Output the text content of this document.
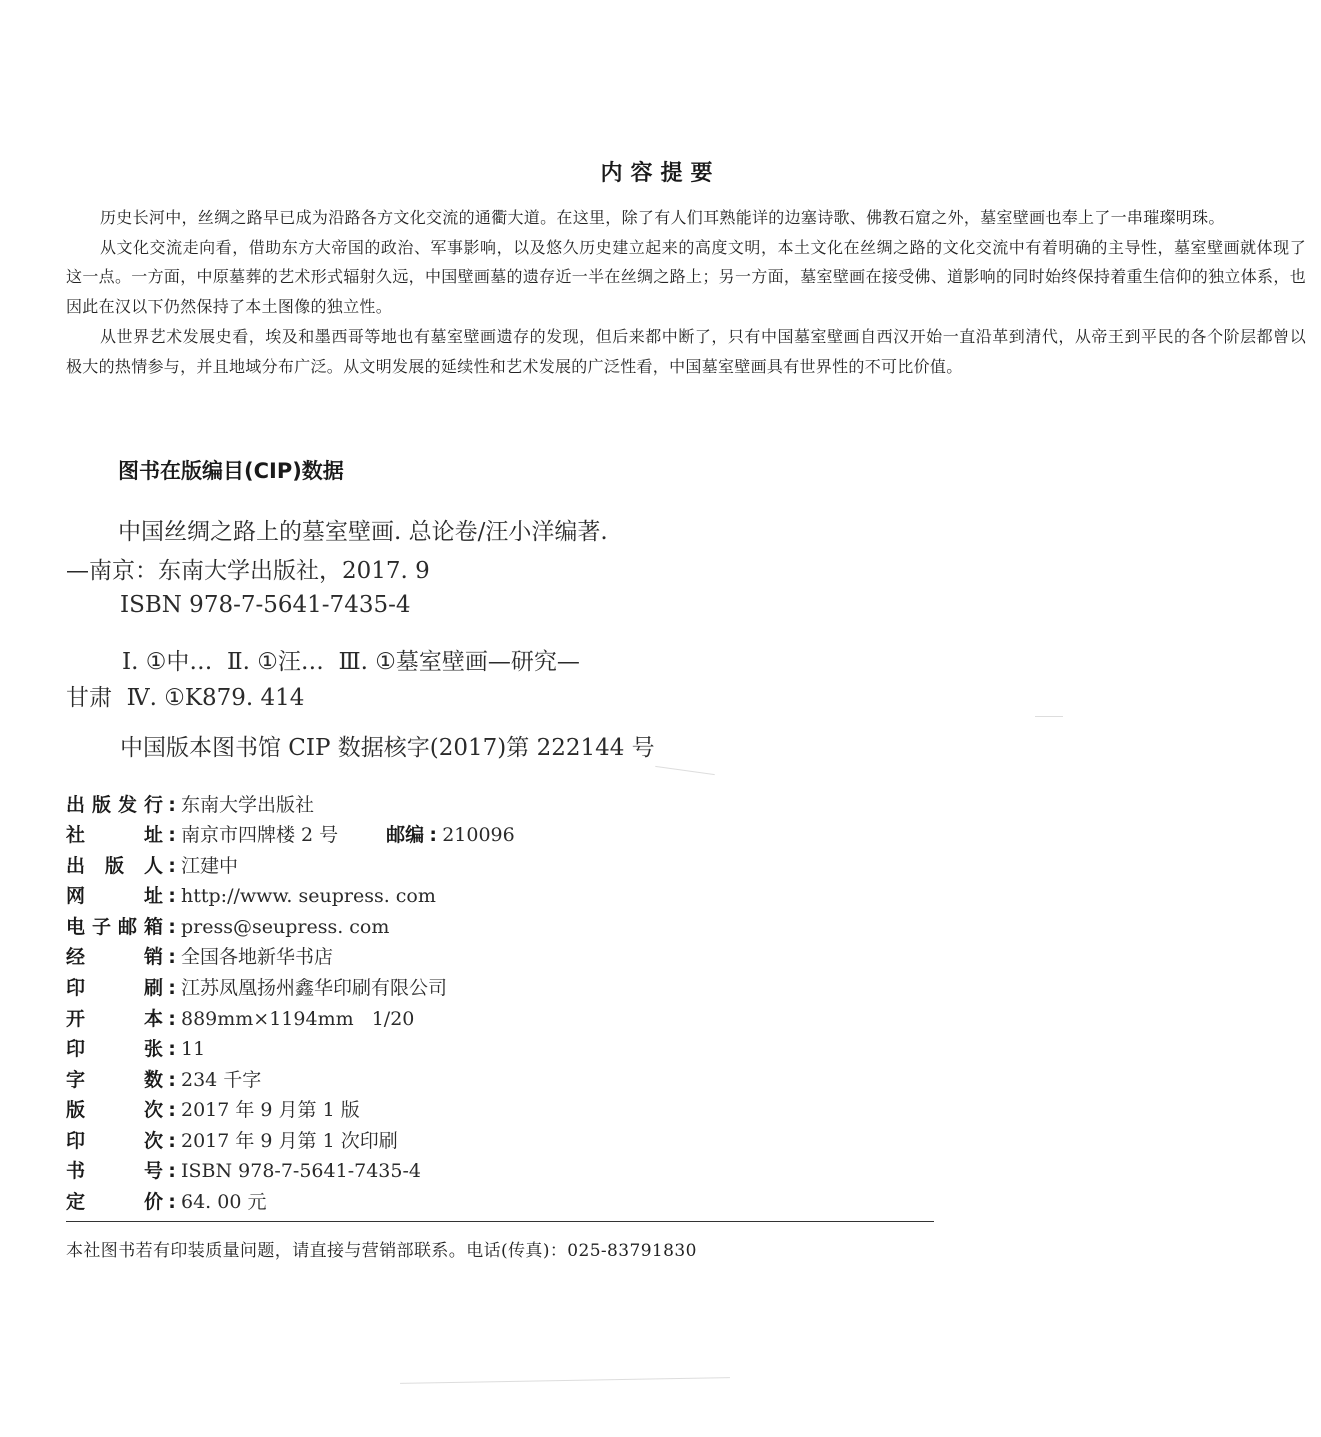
内容提要

历史长河中，丝绸之路早已成为沿路各方文化交流的通衢大道。在这里，除了有人们耳熟能详的边塞诗歌、佛教石窟之外，墓室壁画也奉上了一串璀璨明珠。

从文化交流走向看，借助东方大帝国的政治、军事影响，以及悠久历史建立起来的高度文明，本土文化在丝绸之路的文化交流中有着明确的主导性，墓室壁画就体现了这一点。一方面，中原墓葬的艺术形式辐射久远，中国壁画墓的遗存近一半在丝绸之路上；另一方面，墓室壁画在接受佛、道影响的同时始终保持着重生信仰的独立体系，也因此在汉以下仍然保持了本土图像的独立性。

从世界艺术发展史看，埃及和墨西哥等地也有墓室壁画遗存的发现，但后来都中断了，只有中国墓室壁画自西汉开始一直沿革到清代，从帝王到平民的各个阶层都曾以极大的热情参与，并且地域分布广泛。从文明发展的延续性和艺术发展的广泛性看，中国墓室壁画具有世界性的不可比价值。

图书在版编目(CIP)数据
中国丝绸之路上的墓室壁画. 总论卷/汪小洋编著.
—南京：东南大学出版社，2017. 9
ISBN 978-7-5641-7435-4
Ⅰ. ①中…  Ⅱ. ①汪…  Ⅲ. ①墓室壁画—研究—
甘肃  Ⅳ. ①K879. 414
中国版本图书馆 CIP 数据核字(2017)第 222144 号
出版发行 : 东南大学出版社
社址 : 南京市四牌楼 2 号	邮编 : 210096
出版人 : 江建中
网址 : http://www. seupress. com
电子邮箱 : press@seupress. com
经销 : 全国各地新华书店
印刷 : 江苏凤凰扬州鑫华印刷有限公司
开本 : 889mm×1194mm   1/20
印张 : 11
字数 : 234 千字
版次 : 2017 年 9 月第 1 版
印次 : 2017 年 9 月第 1 次印刷
书号 : ISBN 978-7-5641-7435-4
定价 : 64. 00 元
本社图书若有印装质量问题，请直接与营销部联系。电话(传真)：025-83791830
